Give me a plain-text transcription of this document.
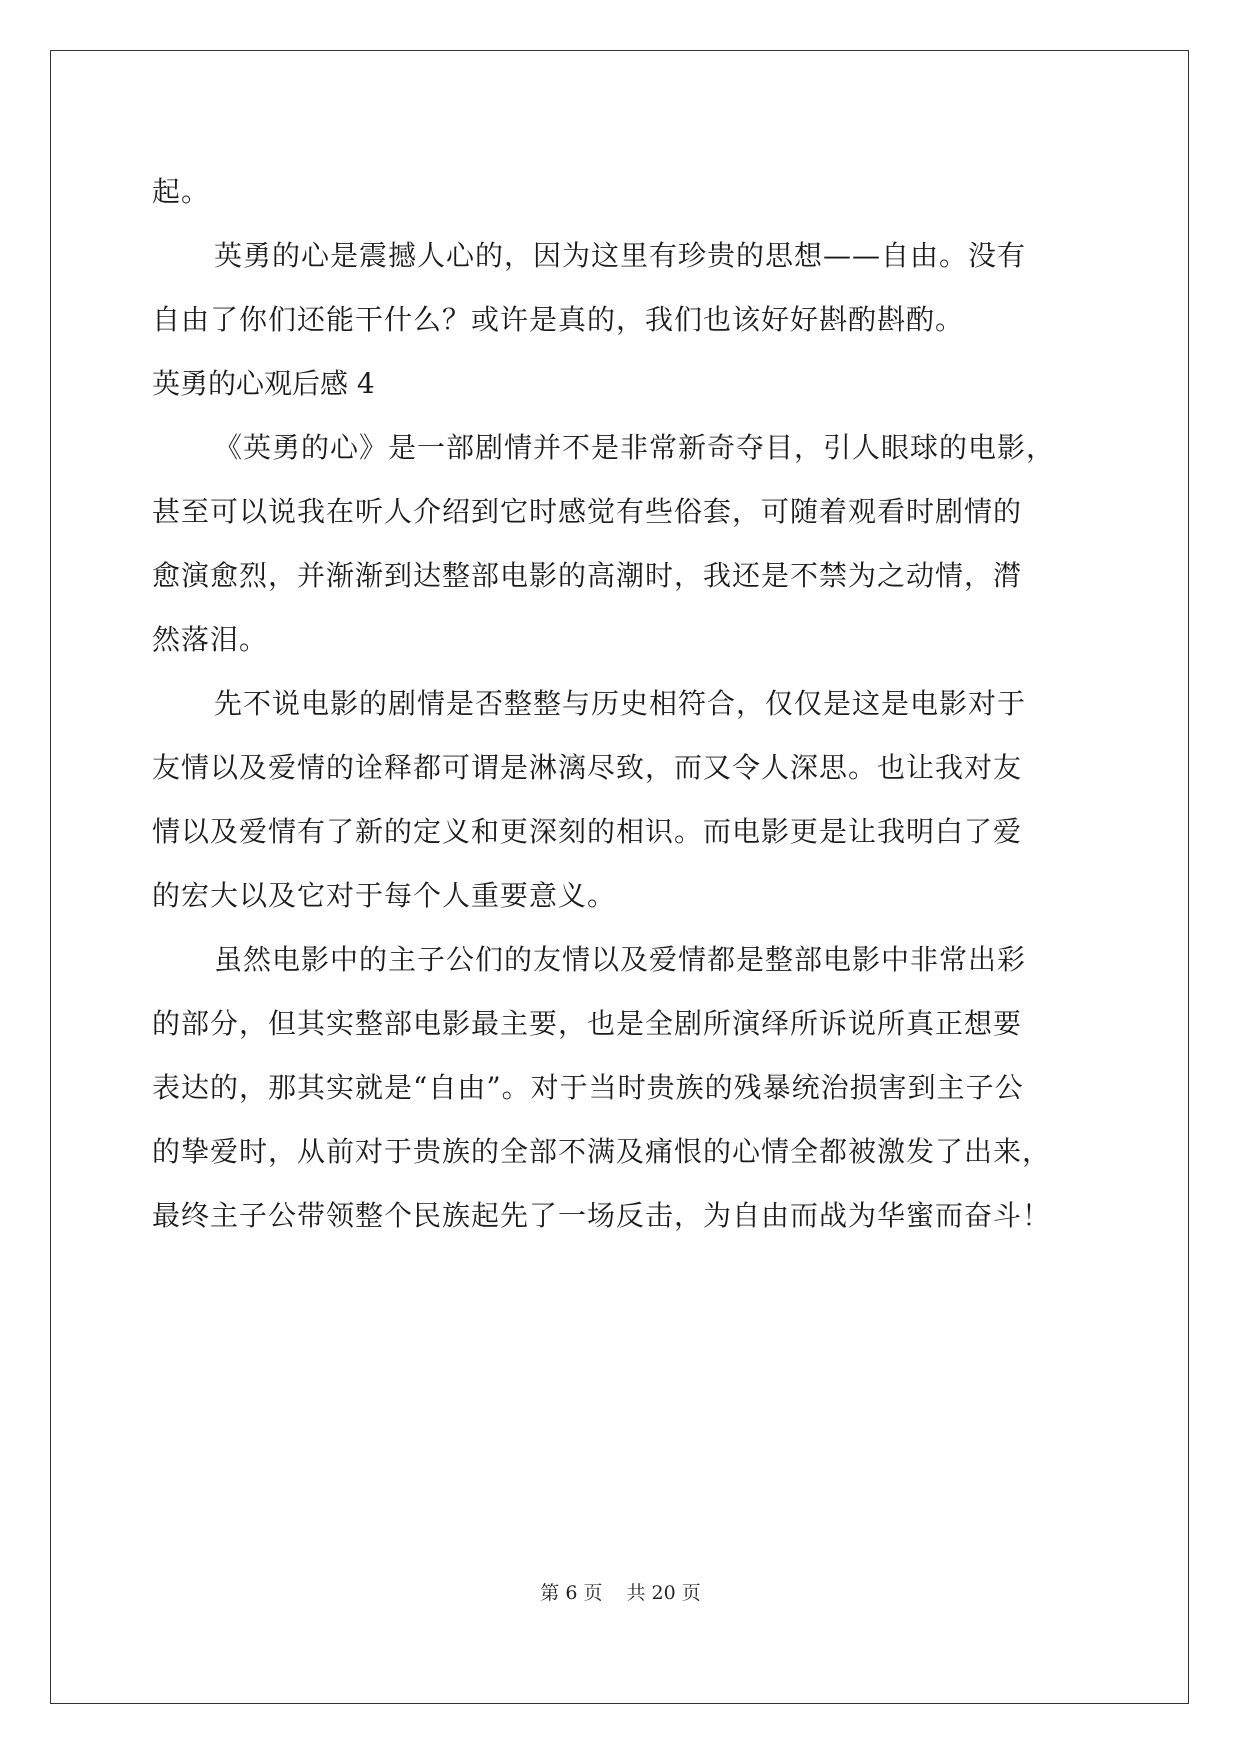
起。
英勇的心是震撼人心的，因为这里有珍贵的思想——自由。没有
自由了你们还能干什么？或许是真的，我们也该好好斟酌斟酌。
英勇的心观后感 4
《英勇的心》是一部剧情并不是非常新奇夺目，引人眼球的电影，
甚至可以说我在听人介绍到它时感觉有些俗套，可随着观看时剧情的
愈演愈烈，并渐渐到达整部电影的高潮时，我还是不禁为之动情，潸
然落泪。
先不说电影的剧情是否整整与历史相符合，仅仅是这是电影对于
友情以及爱情的诠释都可谓是淋漓尽致，而又令人深思。也让我对友
情以及爱情有了新的定义和更深刻的相识。而电影更是让我明白了爱
的宏大以及它对于每个人重要意义。
虽然电影中的主子公们的友情以及爱情都是整部电影中非常出彩
的部分，但其实整部电影最主要，也是全剧所演绎所诉说所真正想要
表达的，那其实就是“自由”。对于当时贵族的残暴统治损害到主子公
的挚爱时，从前对于贵族的全部不满及痛恨的心情全都被激发了出来，
最终主子公带领整个民族起先了一场反击，为自由而战为华蜜而奋斗！
第 6 页 共 20 页
